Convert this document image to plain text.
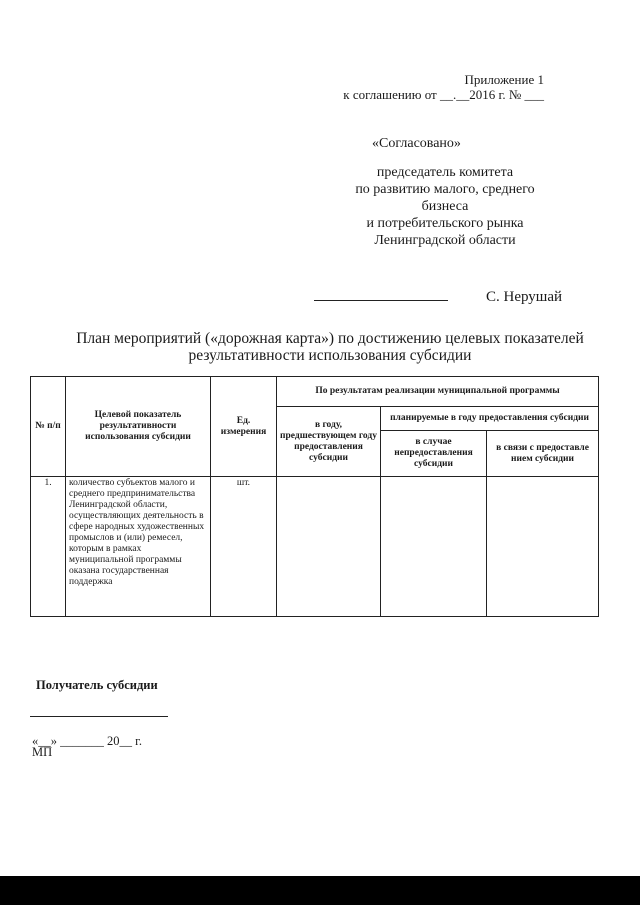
Приложение 1
к соглашению от __.__2016 г. № ___
«Согласовано»
председатель комитета
по развитию малого, среднего
бизнеса
и потребительского рынка
Ленинградской области
С. Нерушай
План мероприятий («дорожная карта») по достижению целевых показателей
результативности использования субсидии
№ п/п	Целевой показатель результативности использования субсидии	Ед. измерения	По результатам реализации муниципальной программы		
			в году, предшествующем году предоставления субсидии	планируемые в году предоставления субсидии	
				в случае непредоставления субсидии	в связи с предоставле нием субсидии
1.	количество субъектов малого и среднего предпринимательства Ленинградской области, осуществляющих деятельность в сфере народных художественных промыслов и (или) ремесел, которым в рамках муниципальной программы оказана государственная поддержка	шт.			
Получатель субсидии
«__» _______ 20__ г.
МП
